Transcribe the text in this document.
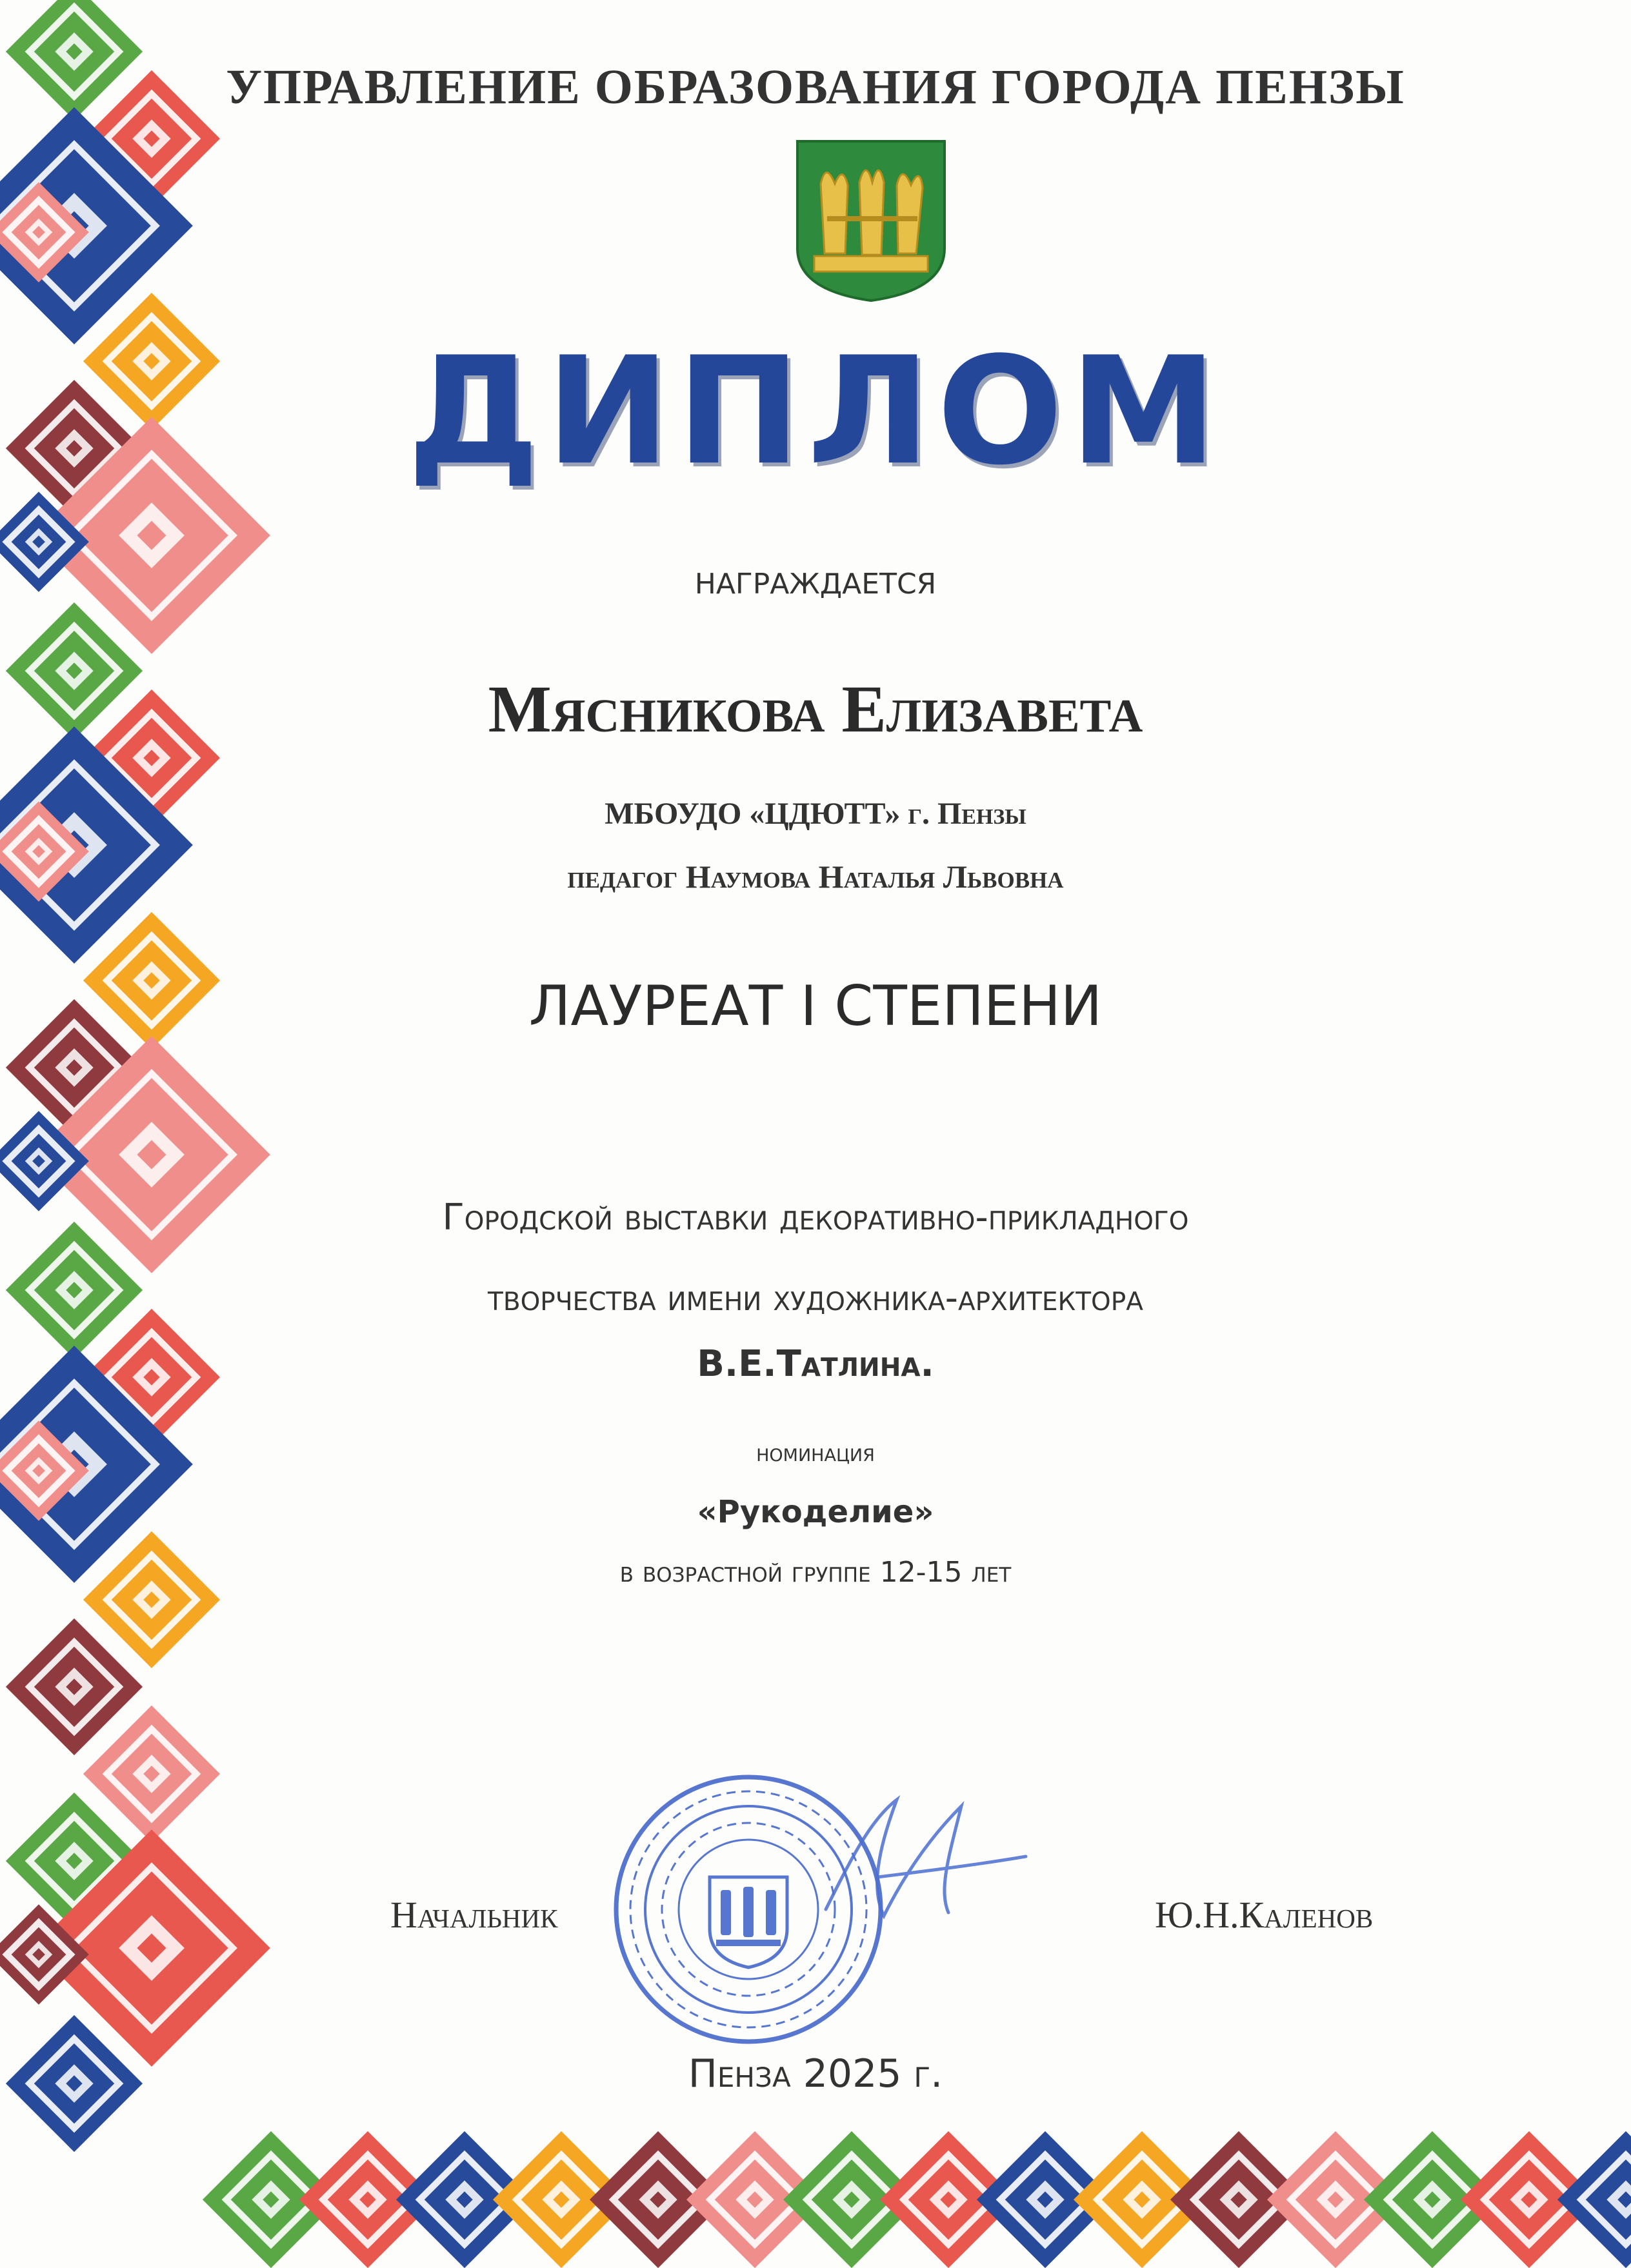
УПРАВЛЕНИЕ ОБРАЗОВАНИЯ ГОРОДА ПЕНЗЫ
ДИПЛОМ
НАГРАЖДАЕТСЯ
Мясникова Елизавета
МБОУДО «ЦДЮТТ» г. Пензы
педагог Наумова Наталья Львовна
ЛАУРЕАТ I СТЕПЕНИ
Городской выставки декоративно-прикладного
творчества имени художника-архитектора
В.Е.Татлина.
номинация
«Рукоделие»
в возрастной группе 12-15 лет
Начальник	Ю.Н.Каленов
Пенза 2025 г.
